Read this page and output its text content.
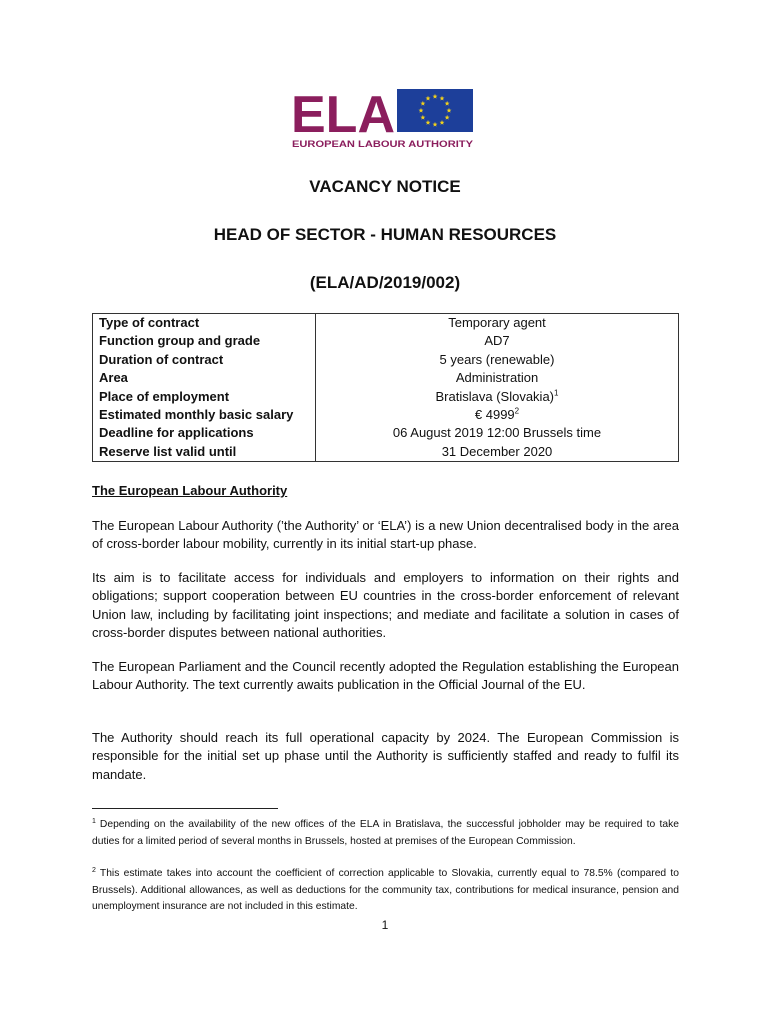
ELA
EUROPEAN LABOUR AUTHORITY
VACANCY NOTICE
HEAD OF SECTOR - HUMAN RESOURCES
(ELA/AD/2019/002)
Type of contract	Temporary agent
Function group and grade	AD7
Duration of contract	5 years (renewable)
Area	Administration
Place of employment	Bratislava (Slovakia)$^1$
Estimated monthly basic salary	€ 4999$^2$
Deadline for applications	06 August 2019 12:00 Brussels time
Reserve list valid until	31 December 2020
The European Labour Authority

The European Labour Authority (’the Authority’ or ‘ELA’) is a new Union decentralised body in the area of cross-border labour mobility, currently in its initial start-up phase.

Its aim is to facilitate access for individuals and employers to information on their rights and obligations; support cooperation between EU countries in the cross-border enforcement of relevant Union law, including by facilitating joint inspections; and mediate and facilitate a solution in cases of cross-border disputes between national authorities.

The European Parliament and the Council recently adopted the Regulation establishing the European Labour Authority. The text currently awaits publication in the Official Journal of the EU.

The Authority should reach its full operational capacity by 2024. The European Commission is responsible for the initial set up phase until the Authority is sufficiently staffed and ready to fulfil its mandate.

$^1$ Depending on the availability of the new offices of the ELA in Bratislava, the successful jobholder may be required to take duties for a limited period of several months in Brussels, hosted at premises of the European Commission.
$^2$ This estimate takes into account the coefficient of correction applicable to Slovakia, currently equal to 78.5% (compared to Brussels). Additional allowances, as well as deductions for the community tax, contributions for medical insurance, pension and unemployment insurance are not included in this estimate.
1
